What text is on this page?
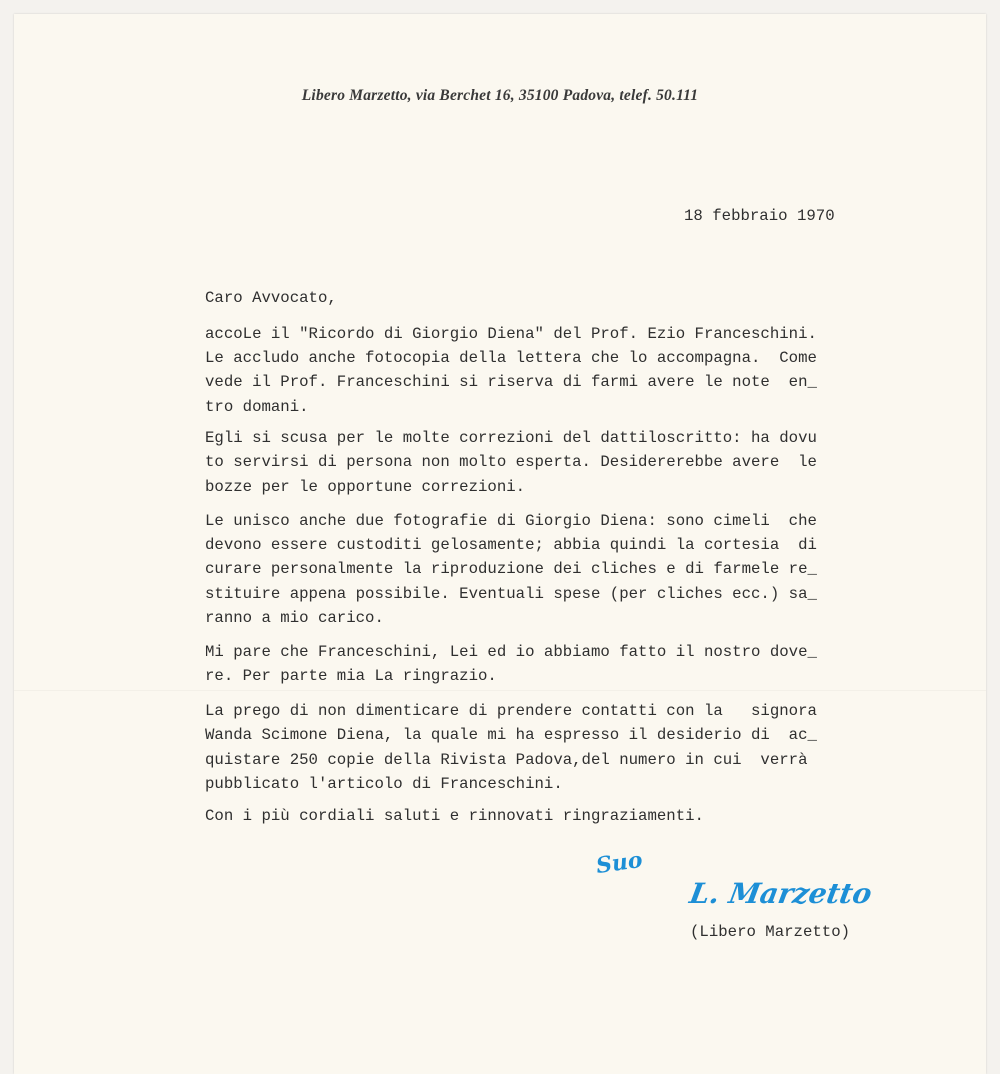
Libero Marzetto, via Berchet 16, 35100 Padova, telef. 50.111
18 febbraio 1970
Caro Avvocato,
accoLe il "Ricordo di Giorgio Diena" del Prof. Ezio Franceschini.
Le accludo anche fotocopia della lettera che lo accompagna.  Come
vede il Prof. Franceschini si riserva di farmi avere le note  en_
tro domani.
Egli si scusa per le molte correzioni del dattiloscritto: ha dovu
to servirsi di persona non molto esperta. Desidererebbe avere  le
bozze per le opportune correzioni.
Le unisco anche due fotografie di Giorgio Diena: sono cimeli  che
devono essere custoditi gelosamente; abbia quindi la cortesia  di
curare personalmente la riproduzione dei cliches e di farmele re_
stituire appena possibile. Eventuali spese (per cliches ecc.) sa_
ranno a mio carico.
Mi pare che Franceschini, Lei ed io abbiamo fatto il nostro dove_
re. Per parte mia La ringrazio.
La prego di non dimenticare di prendere contatti con la   signora
Wanda Scimone Diena, la quale mi ha espresso il desiderio di  ac_
quistare 250 copie della Rivista Padova,del numero in cui  verrà
pubblicato l'articolo di Franceschini.
Con i più cordiali saluti e rinnovati ringraziamenti.
Suo
L. Marzetto
(Libero Marzetto)
